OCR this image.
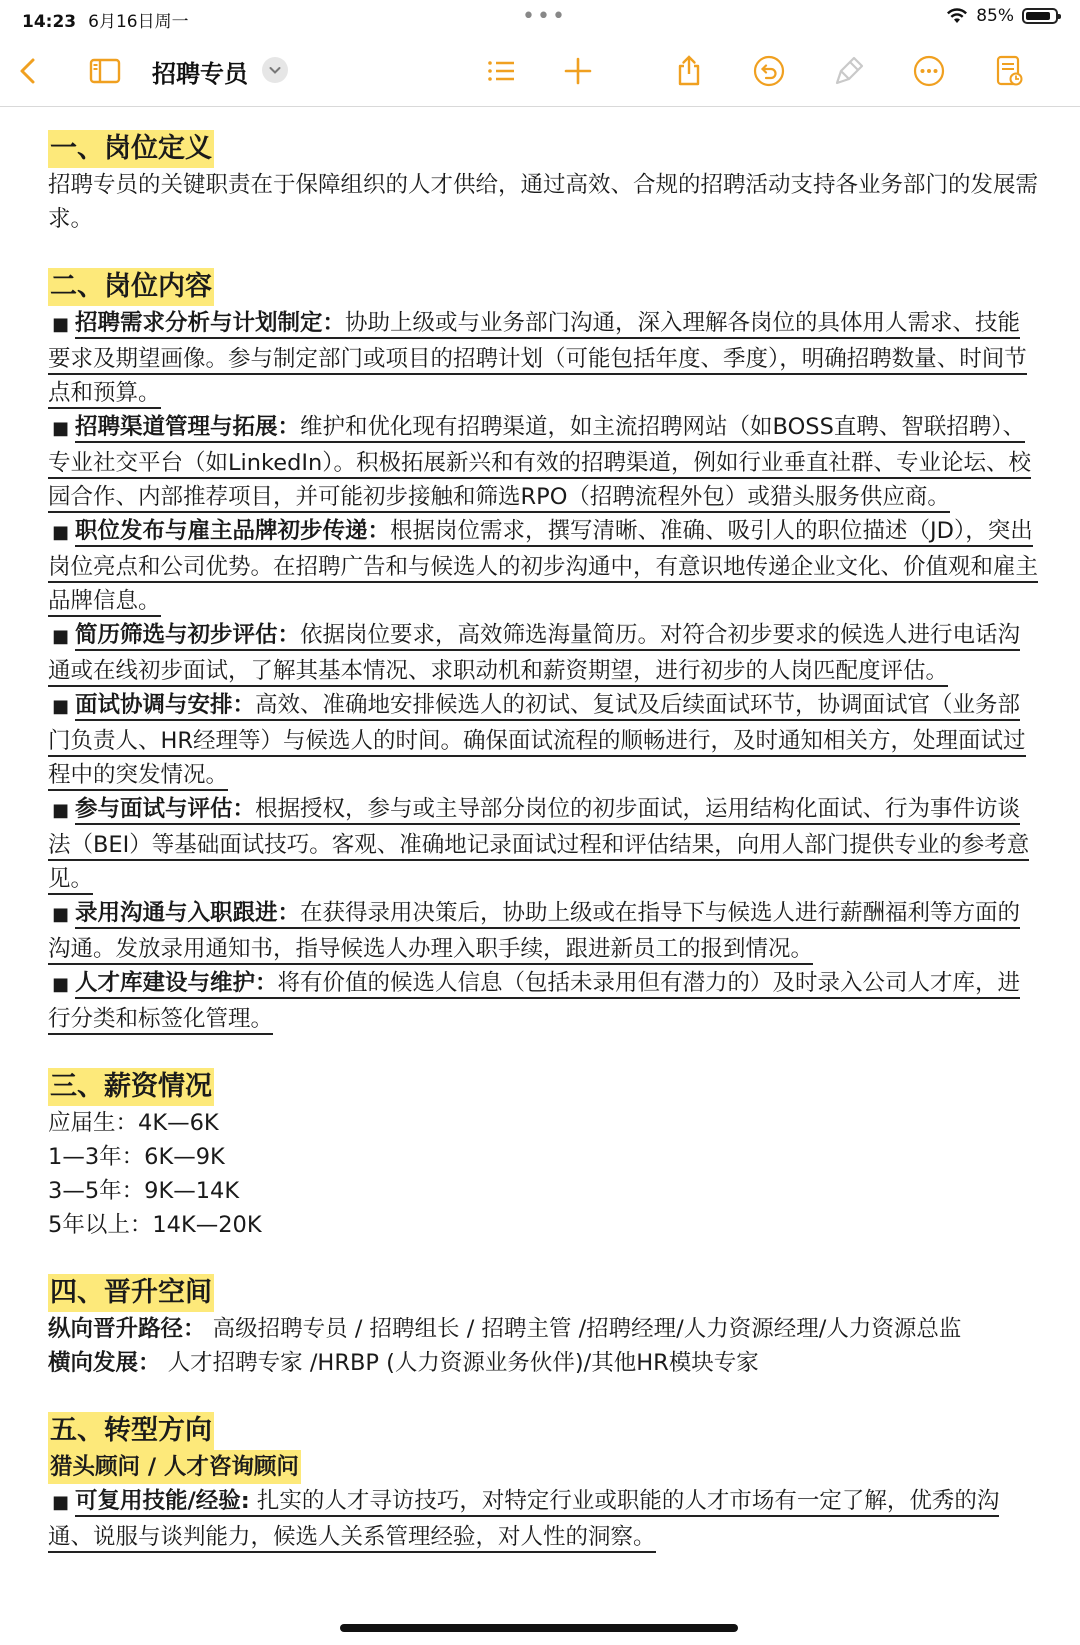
14:23 6月16日周一	•••	85%
招聘专员
一、岗位定义

招聘专员的关键职责在于保障组织的人才供给，通过高效、合规的招聘活动支持各业务部门的发展需求。

二、岗位内容

■ 招聘需求分析与计划制定：协助上级或与业务部门沟通，深入理解各岗位的具体用人需求、技能要求及期望画像。参与制定部门或项目的招聘计划（可能包括年度、季度），明确招聘数量、时间节点和预算。

■ 招聘渠道管理与拓展：维护和优化现有招聘渠道，如主流招聘网站（如BOSS直聘、智联招聘）、专业社交平台（如LinkedIn）。积极拓展新兴和有效的招聘渠道，例如行业垂直社群、专业论坛、校园合作、内部推荐项目，并可能初步接触和筛选RPO（招聘流程外包）或猎头服务供应商。

■ 职位发布与雇主品牌初步传递：根据岗位需求，撰写清晰、准确、吸引人的职位描述（JD），突出岗位亮点和公司优势。在招聘广告和与候选人的初步沟通中，有意识地传递企业文化、价值观和雇主品牌信息。

■ 简历筛选与初步评估：依据岗位要求，高效筛选海量简历。对符合初步要求的候选人进行电话沟通或在线初步面试，了解其基本情况、求职动机和薪资期望，进行初步的人岗匹配度评估。

■ 面试协调与安排：高效、准确地安排候选人的初试、复试及后续面试环节，协调面试官（业务部门负责人、HR经理等）与候选人的时间。确保面试流程的顺畅进行，及时通知相关方，处理面试过程中的突发情况。

■ 参与面试与评估：根据授权，参与或主导部分岗位的初步面试，运用结构化面试、行为事件访谈法（BEI）等基础面试技巧。客观、准确地记录面试过程和评估结果，向用人部门提供专业的参考意见。

■ 录用沟通与入职跟进：在获得录用决策后，协助上级或在指导下与候选人进行薪酬福利等方面的沟通。发放录用通知书，指导候选人办理入职手续，跟进新员工的报到情况。

■ 人才库建设与维护：将有价值的候选人信息（包括未录用但有潜力的）及时录入公司人才库，进行分类和标签化管理。

三、薪资情况

应届生：4K—6K

1—3年：6K—9K

3—5年：9K—14K

5年以上：14K—20K

四、晋升空间

纵向晋升路径： 高级招聘专员 / 招聘组长 / 招聘主管 /招聘经理/人力资源经理/人力资源总监

横向发展： 人才招聘专家 /HRBP (人力资源业务伙伴)/其他HR模块专家

五、转型方向
猎头顾问 / 人才咨询顾问

■ 可复用技能/经验: 扎实的人才寻访技巧，对特定行业或职能的人才市场有一定了解，优秀的沟通、说服与谈判能力，候选人关系管理经验，对人性的洞察。
